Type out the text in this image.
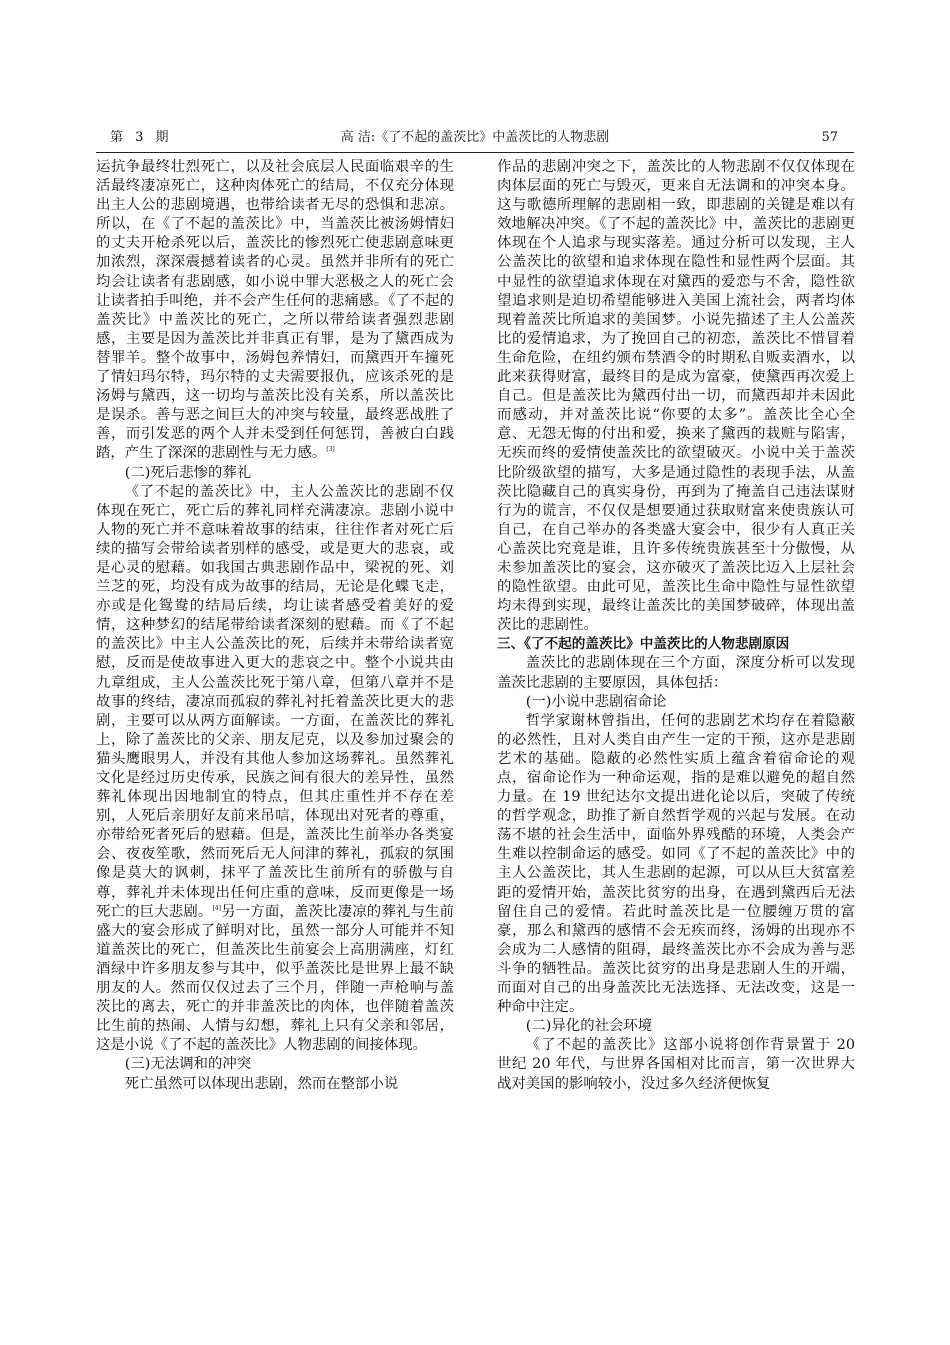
第 3 期	高 洁:《了不起的盖茨比》中盖茨比的人物悲剧	57

运抗争最终壮烈死亡，以及社会底层人民面临艰辛的生活最终凄凉死亡，这种肉体死亡的结局，不仅充分体现出主人公的悲剧境遇，也带给读者无尽的恐惧和悲凉。所以，在《了不起的盖茨比》中，当盖茨比被汤姆情妇的丈夫开枪杀死以后，盖茨比的惨烈死亡使悲剧意味更加浓烈，深深震撼着读者的心灵。虽然并非所有的死亡均会让读者有悲剧感，如小说中罪大恶极之人的死亡会让读者拍手叫绝，并不会产生任何的悲痛感。《了不起的盖茨比》中盖茨比的死亡，之所以带给读者强烈悲剧感，主要是因为盖茨比并非真正有罪，是为了黛西成为替罪羊。整个故事中，汤姆包养情妇，而黛西开车撞死了情妇玛尔特，玛尔特的丈夫需要报仇，应该杀死的是汤姆与黛西，这一切均与盖茨比没有关系，所以盖茨比是误杀。善与恶之间巨大的冲突与较量，最终恶战胜了善，而引发恶的两个人并未受到任何惩罚，善被白白践踏，产生了深深的悲剧性与无力感。[3]

(二)死后悲惨的葬礼

《了不起的盖茨比》中，主人公盖茨比的悲剧不仅体现在死亡，死亡后的葬礼同样充满凄凉。悲剧小说中人物的死亡并不意味着故事的结束，往往作者对死亡后续的描写会带给读者别样的感受，或是更大的悲哀，或是心灵的慰藉。如我国古典悲剧作品中，梁祝的死、刘兰芝的死，均没有成为故事的结局，无论是化蝶飞走，亦或是化鸳鸯的结局后续，均让读者感受着美好的爱情，这种梦幻的结尾带给读者深刻的慰藉。而《了不起的盖茨比》中主人公盖茨比的死，后续并未带给读者宽慰，反而是使故事进入更大的悲哀之中。整个小说共由九章组成，主人公盖茨比死于第八章，但第八章并不是故事的终结，凄凉而孤寂的葬礼衬托着盖茨比更大的悲剧，主要可以从两方面解读。一方面，在盖茨比的葬礼上，除了盖茨比的父亲、朋友尼克，以及参加过聚会的猫头鹰眼男人，并没有其他人参加这场葬礼。虽然葬礼文化是经过历史传承，民族之间有很大的差异性，虽然葬礼体现出因地制宜的特点，但其庄重性并不存在差别，人死后亲朋好友前来吊唁，体现出对死者的尊重，亦带给死者死后的慰藉。但是，盖茨比生前举办各类宴会、夜夜笙歌，然而死后无人问津的葬礼，孤寂的氛围像是莫大的讽刺，抹平了盖茨比生前所有的骄傲与自尊，葬礼并未体现出任何庄重的意味，反而更像是一场死亡的巨大悲剧。[4]另一方面，盖茨比凄凉的葬礼与生前盛大的宴会形成了鲜明对比，虽然一部分人可能并不知道盖茨比的死亡，但盖茨比生前宴会上高朋满座，灯红酒绿中许多朋友参与其中，似乎盖茨比是世界上最不缺朋友的人。然而仅仅过去了三个月，伴随一声枪响与盖茨比的离去，死亡的并非盖茨比的肉体，也伴随着盖茨比生前的热闹、人情与幻想，葬礼上只有父亲和邻居，这是小说《了不起的盖茨比》人物悲剧的间接体现。

(三)无法调和的冲突

死亡虽然可以体现出悲剧，然而在整部小说

作品的悲剧冲突之下，盖茨比的人物悲剧不仅仅体现在肉体层面的死亡与毁灭，更来自无法调和的冲突本身。这与歌德所理解的悲剧相一致，即悲剧的关键是难以有效地解决冲突。《了不起的盖茨比》中，盖茨比的悲剧更体现在个人追求与现实落差。通过分析可以发现，主人公盖茨比的欲望和追求体现在隐性和显性两个层面。其中显性的欲望追求体现在对黛西的爱恋与不舍，隐性欲望追求则是迫切希望能够进入美国上流社会，两者均体现着盖茨比所追求的美国梦。小说先描述了主人公盖茨比的爱情追求，为了挽回自己的初恋，盖茨比不惜冒着生命危险，在纽约颁布禁酒令的时期私自贩卖酒水，以此来获得财富，最终目的是成为富豪，使黛西再次爱上自己。但是盖茨比为黛西付出一切，而黛西却并未因此而感动，并对盖茨比说“你要的太多”。盖茨比全心全意、无怨无悔的付出和爱，换来了黛西的栽赃与陷害，无疾而终的爱情使盖茨比的欲望破灭。小说中关于盖茨比阶级欲望的描写，大多是通过隐性的表现手法，从盖茨比隐藏自己的真实身份，再到为了掩盖自己违法谋财行为的谎言，不仅仅是想要通过获取财富来使贵族认可自己，在自己举办的各类盛大宴会中，很少有人真正关心盖茨比究竟是谁，且许多传统贵族甚至十分傲慢，从未参加盖茨比的宴会，这亦破灭了盖茨比迈入上层社会的隐性欲望。由此可见，盖茨比生命中隐性与显性欲望均未得到实现，最终让盖茨比的美国梦破碎，体现出盖茨比的悲剧性。

三、《了不起的盖茨比》中盖茨比的人物悲剧原因

盖茨比的悲剧体现在三个方面，深度分析可以发现盖茨比悲剧的主要原因，具体包括：

(一)小说中悲剧宿命论

哲学家谢林曾指出，任何的悲剧艺术均存在着隐蔽的必然性，且对人类自由产生一定的干预，这亦是悲剧艺术的基础。隐蔽的必然性实质上蕴含着宿命论的观点，宿命论作为一种命运观，指的是难以避免的超自然力量。在 19 世纪达尔文提出进化论以后，突破了传统的哲学观念，助推了新自然哲学观的兴起与发展。在动荡不堪的社会生活中，面临外界残酷的环境，人类会产生难以控制命运的感受。如同《了不起的盖茨比》中的主人公盖茨比，其人生悲剧的起源，可以从巨大贫富差距的爱情开始，盖茨比贫穷的出身，在遇到黛西后无法留住自己的爱情。若此时盖茨比是一位腰缠万贯的富豪，那么和黛西的感情不会无疾而终，汤姆的出现亦不会成为二人感情的阻碍，最终盖茨比亦不会成为善与恶斗争的牺牲品。盖茨比贫穷的出身是悲剧人生的开端，而面对自己的出身盖茨比无法选择、无法改变，这是一种命中注定。

(二)异化的社会环境

《了不起的盖茨比》这部小说将创作背景置于 20 世纪 20 年代，与世界各国相对比而言，第一次世界大战对美国的影响较小，没过多久经济便恢复
